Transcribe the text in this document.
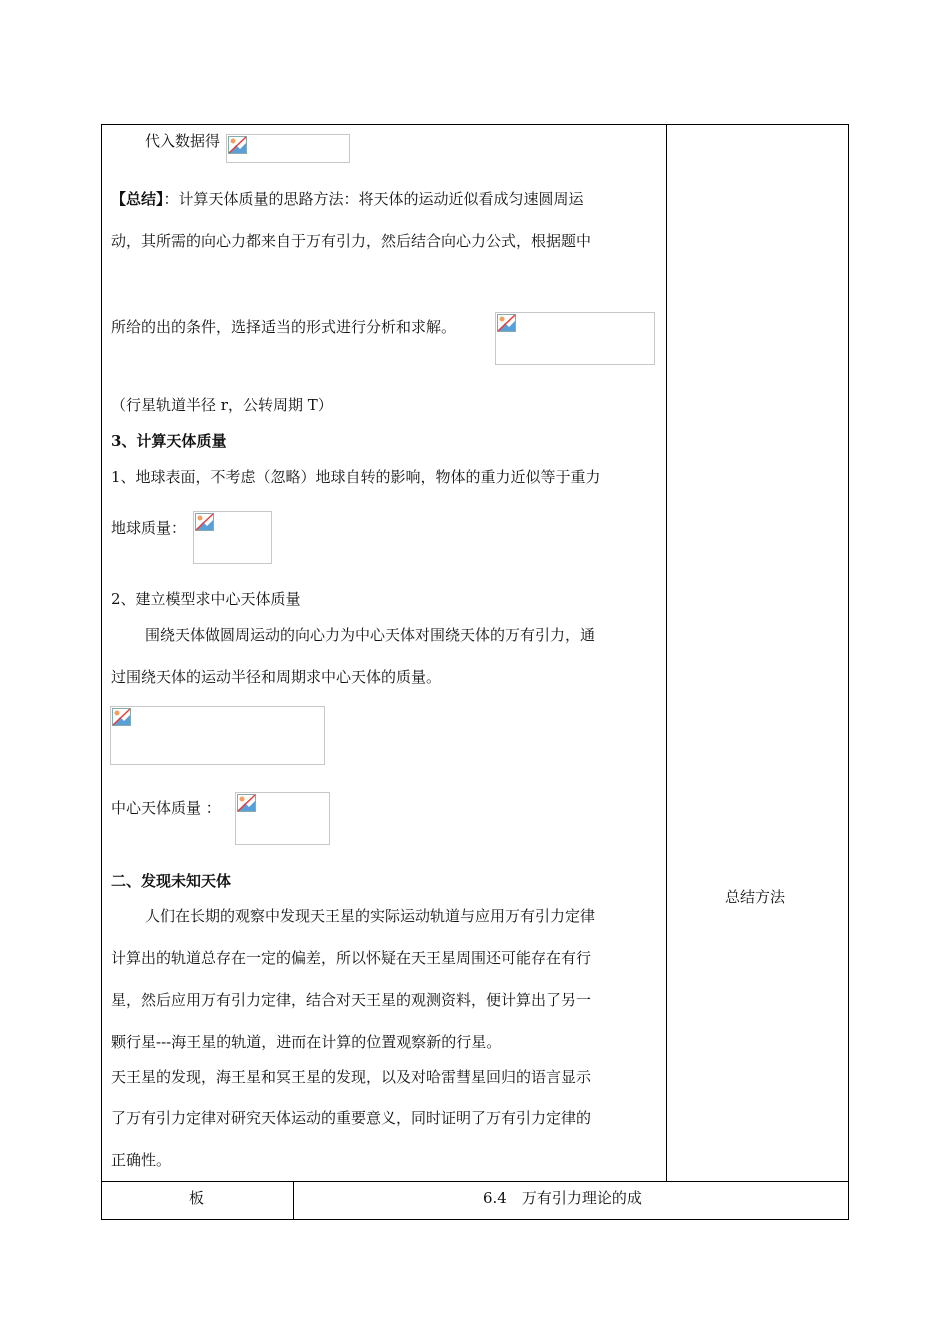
代入数据得
【总结】：计算天体质量的思路方法：将天体的运动近似看成匀速圆周运
动，其所需的向心力都来自于万有引力，然后结合向心力公式，根据题中
所给的出的条件，选择适当的形式进行分析和求解。
（行星轨道半径 r，公转周期 T）
3、计算天体质量
1、地球表面，不考虑（忽略）地球自转的影响，物体的重力近似等于重力
地球质量：
2、建立模型求中心天体质量
围绕天体做圆周运动的向心力为中心天体对围绕天体的万有引力，通
过围绕天体的运动半径和周期求中心天体的质量。
中心天体质量 ：
二、发现未知天体
人们在长期的观察中发现天王星的实际运动轨道与应用万有引力定律
计算出的轨道总存在一定的偏差，所以怀疑在天王星周围还可能存在有行
星，然后应用万有引力定律，结合对天王星的观测资料，便计算出了另一
颗行星---海王星的轨道，进而在计算的位置观察新的行星。
天王星的发现，海王星和冥王星的发现，以及对哈雷彗星回归的语言显示
了万有引力定律对研究天体运动的重要意义，同时证明了万有引力定律的
正确性。
总结方法
板	6.4　万有引力理论的成
